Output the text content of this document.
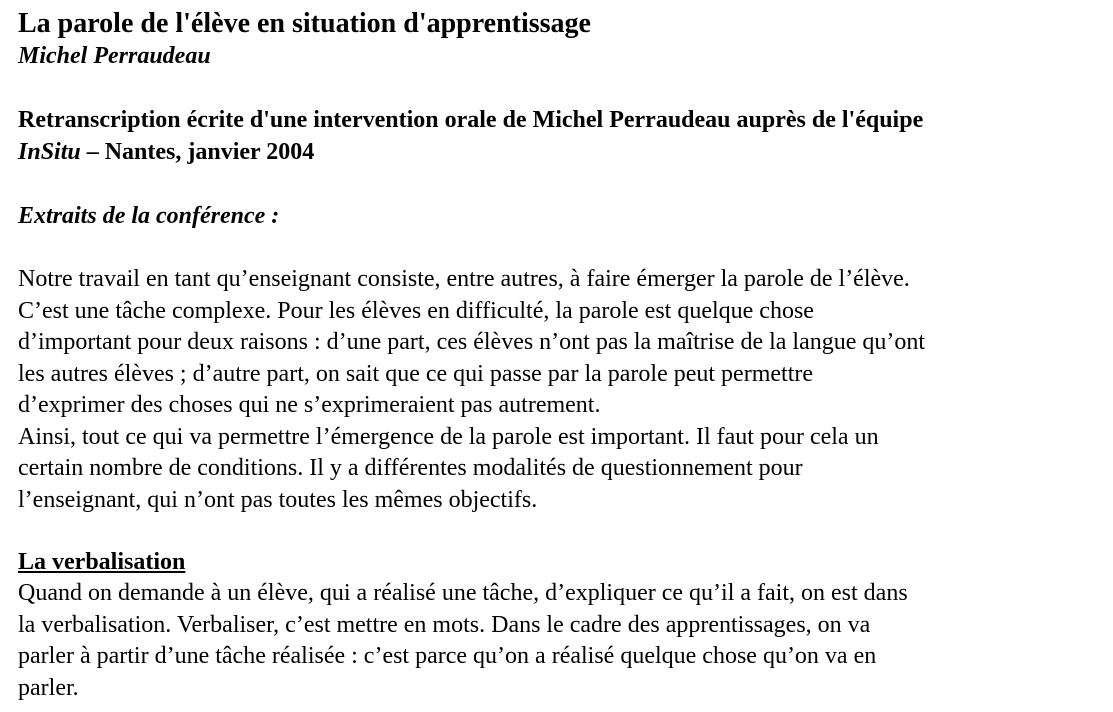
La parole de l'élève en situation d'apprentissage
Michel Perraudeau
Retranscription écrite d'une intervention orale de Michel Perraudeau auprès de l'équipe
InSitu – Nantes, janvier 2004
Extraits de la conférence :
Notre travail en tant qu’enseignant consiste, entre autres, à faire émerger la parole de l’élève.
C’est une tâche complexe. Pour les élèves en difficulté, la parole est quelque chose
d’important pour deux raisons : d’une part, ces élèves n’ont pas la maîtrise de la langue qu’ont
les autres élèves ; d’autre part, on sait que ce qui passe par la parole peut permettre
d’exprimer des choses qui ne s’exprimeraient pas autrement.
Ainsi, tout ce qui va permettre l’émergence de la parole est important. Il faut pour cela un
certain nombre de conditions. Il y a différentes modalités de questionnement pour
l’enseignant, qui n’ont pas toutes les mêmes objectifs.
La verbalisation
Quand on demande à un élève, qui a réalisé une tâche, d’expliquer ce qu’il a fait, on est dans
la verbalisation. Verbaliser, c’est mettre en mots. Dans le cadre des apprentissages, on va
parler à partir d’une tâche réalisée : c’est parce qu’on a réalisé quelque chose qu’on va en
parler.
